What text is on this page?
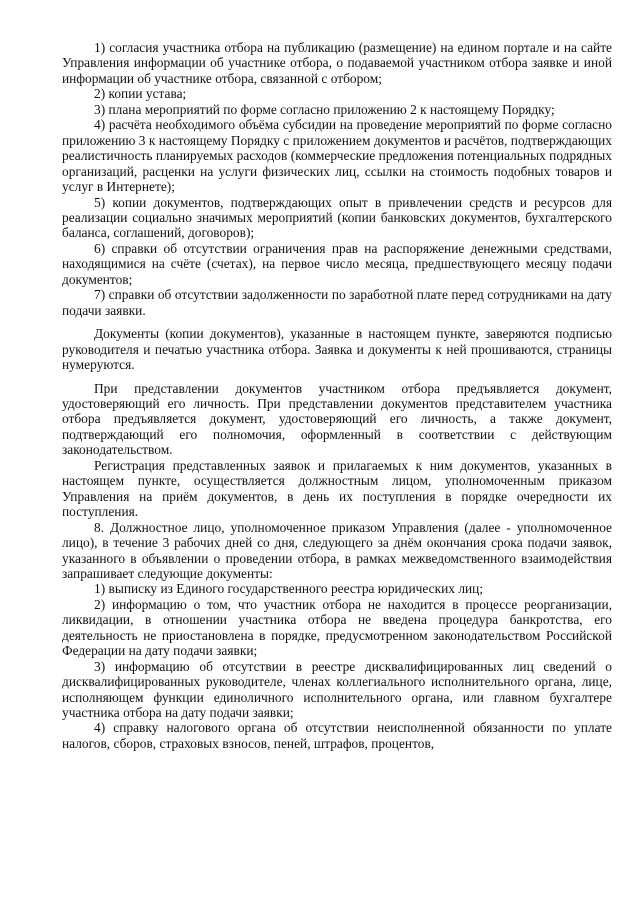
1) согласия участника отбора на публикацию (размещение) на едином портале и на сайте Управления информации об участнике отбора, о подаваемой участником отбора заявке и иной информации об участнике отбора, связанной с отбором;

2) копии устава;

3) плана мероприятий по форме согласно приложению 2 к настоящему Порядку;

4) расчёта необходимого объёма субсидии на проведение мероприятий по форме согласно приложению 3 к настоящему Порядку с приложением документов и расчётов, подтверждающих реалистичность планируемых расходов (коммерческие предложения потенциальных подрядных организаций, расценки на услуги физических лиц, ссылки на стоимость подобных товаров и услуг в Интернете);

5) копии документов, подтверждающих опыт в привлечении средств и ресурсов для реализации социально значимых мероприятий (копии банковских документов, бухгалтерского баланса, соглашений, договоров);

6) справки об отсутствии ограничения прав на распоряжение денежными средствами, находящимися на счёте (счетах), на первое число месяца, предшествующего месяцу подачи документов;

7) справки об отсутствии задолженности по заработной плате перед сотрудниками на дату подачи заявки.

Документы (копии документов), указанные в настоящем пункте, заверяются подписью руководителя и печатью участника отбора. Заявка и документы к ней прошиваются, страницы нумеруются.

При представлении документов участником отбора предъявляется документ, удостоверяющий его личность. При представлении документов представителем участника отбора предъявляется документ, удостоверяющий его личность, а также документ, подтверждающий его полномочия, оформленный в соответствии с действующим законодательством.

Регистрация представленных заявок и прилагаемых к ним документов, указанных в настоящем пункте, осуществляется должностным лицом, уполномоченным приказом Управления на приём документов, в день их поступления в порядке очередности их поступления.

8. Должностное лицо, уполномоченное приказом Управления (далее - уполномоченное лицо), в течение 3 рабочих дней со дня, следующего за днём окончания срока подачи заявок, указанного в объявлении о проведении отбора, в рамках межведомственного взаимодействия запрашивает следующие документы:

1) выписку из Единого государственного реестра юридических лиц;

2) информацию о том, что участник отбора не находится в процессе реорганизации, ликвидации, в отношении участника отбора не введена процедура банкротства, его деятельность не приостановлена в порядке, предусмотренном законодательством Российской Федерации на дату подачи заявки;

3) информацию об отсутствии в реестре дисквалифицированных лиц сведений о дисквалифицированных руководителе, членах коллегиального исполнительного органа, лице, исполняющем функции единоличного исполнительного органа, или главном бухгалтере участника отбора на дату подачи заявки;

4) справку налогового органа об отсутствии неисполненной обязанности по уплате налогов, сборов, страховых взносов, пеней, штрафов, процентов,
